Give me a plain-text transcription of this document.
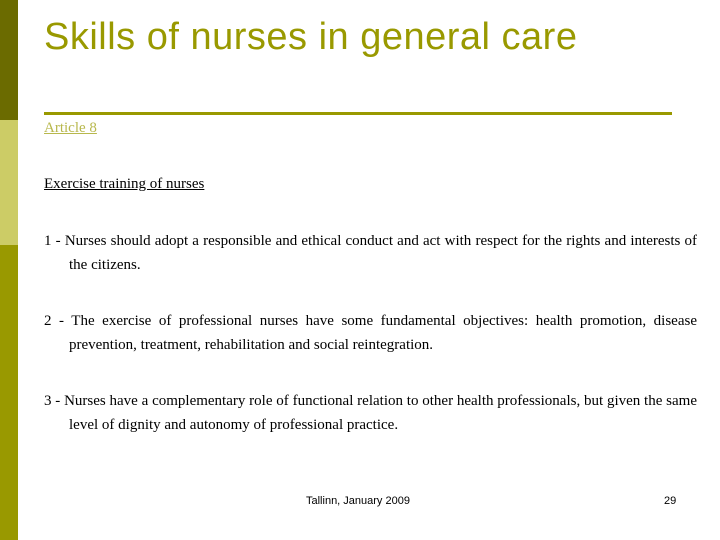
Skills of nurses in general care
Article 8
Exercise training of nurses
1 - Nurses should adopt a responsible and ethical conduct and act with respect for the rights and interests of the citizens.
2 - The exercise of professional nurses have some fundamental objectives: health promotion, disease prevention, treatment, rehabilitation and social reintegration.
3 - Nurses have a complementary role of functional relation to other health professionals, but given the same level of dignity and autonomy of professional practice.
Tallinn, January 2009	29
